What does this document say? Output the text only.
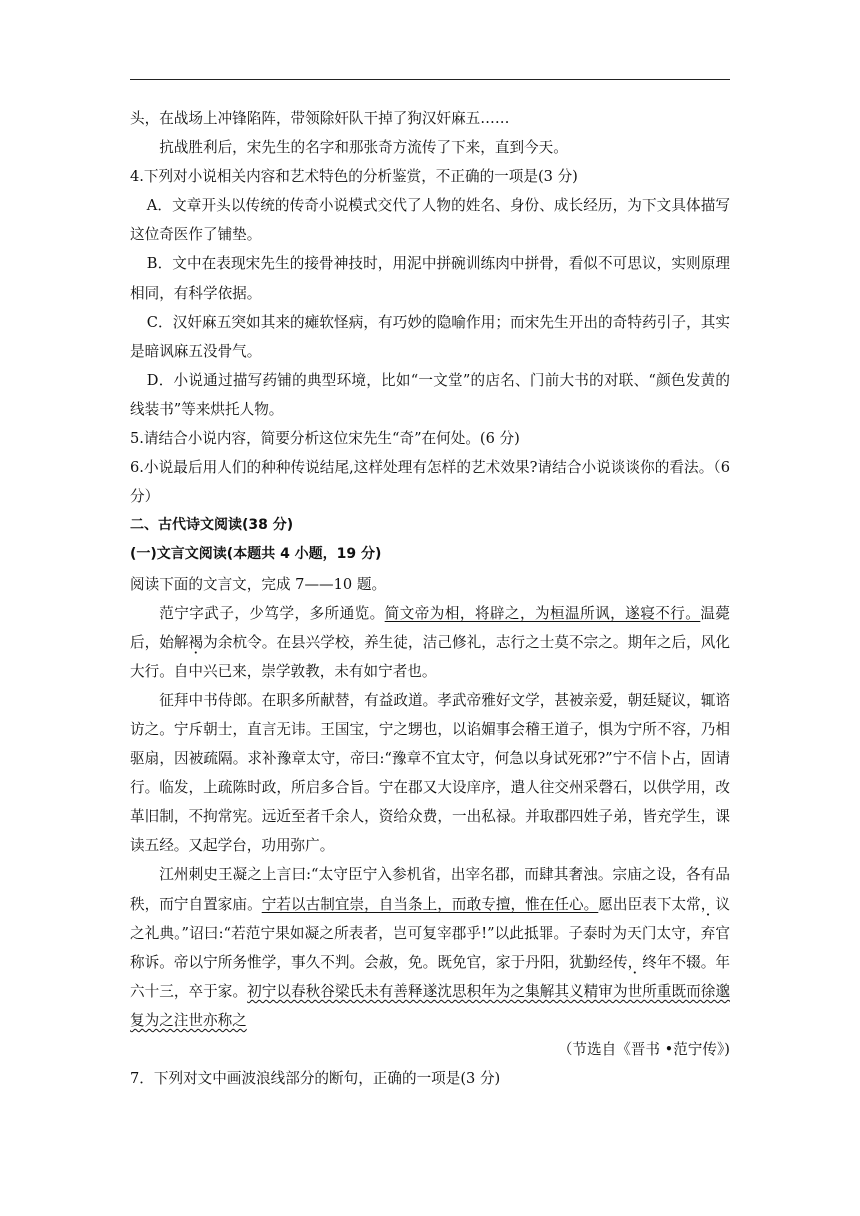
头，在战场上冲锋陷阵，带领除奸队干掉了狗汉奸麻五……

抗战胜利后，宋先生的名字和那张奇方流传了下来，直到今天。

4.下列对小说相关内容和艺术特色的分析鉴赏，不正确的一项是(3 分)

A．文章开头以传统的传奇小说模式交代了人物的姓名、身份、成长经历，为下文具体描写这位奇医作了铺垫。

B．文中在表现宋先生的接骨神技时，用泥中拼碗训练肉中拼骨，看似不可思议，实则原理相同，有科学依据。

C．汉奸麻五突如其来的瘫软怪病，有巧妙的隐喻作用；而宋先生开出的奇特药引子，其实是暗讽麻五没骨气。

D．小说通过描写药铺的典型环境，比如“一文堂”的店名、门前大书的对联、“颜色发黄的线装书”等来烘托人物。

5.请结合小说内容，简要分析这位宋先生“奇”在何处。(6 分)

6.小说最后用人们的种种传说结尾,这样处理有怎样的艺术效果?请结合小说谈谈你的看法。（6 分）

二、古代诗文阅读(38 分)

(一)文言文阅读(本题共 4 小题，19 分)

阅读下面的文言文，完成 7——10 题。

范宁字武子，少笃学，多所通览。简文帝为相，将辟之，为桓温所讽，遂寝不行。温薨后，始解褐为余杭令。在县兴学校，养生徒，洁己修礼，志行之士莫不宗之。期年之后，风化大行。自中兴已来，崇学敦教，未有如宁者也。

征拜中书侍郎。在职多所献替，有益政道。孝武帝雅好文学，甚被亲爱，朝廷疑议，辄谘访之。宁斥朝士，直言无讳。王国宝，宁之甥也，以谄媚事会稽王道子，惧为宁所不容，乃相驱扇，因被疏隔。求补豫章太守，帝曰:“豫章不宜太守，何急以身试死邪?”宁不信卜占，固请行。临发，上疏陈时政，所启多合旨。宁在郡又大设庠序，遣人往交州采磬石，以供学用，改革旧制，不拘常宪。远近至者千余人，资给众费，一出私禄。并取郡四姓子弟，皆充学生，课读五经。又起学台，功用弥广。

江州刺史王凝之上言曰:“太守臣宁入参机省，出宰名郡，而肆其奢浊。宗庙之设，各有品秩，而宁自置家庙。宁若以古制宜崇，自当条上，而敢专擅，惟在任心。愿出臣表下太常，议之礼典。”诏曰:“若范宁果如凝之所表者，岂可复宰郡乎!”以此抵罪。子泰时为天门太守，弃官称诉。帝以宁所务惟学，事久不判。会赦，免。既免官，家于丹阳，犹勤经传，终年不辍。年六十三，卒于家。初宁以春秋谷梁氏未有善释遂沈思积年为之集解其义精审为世所重既而徐邈复为之注世亦称之

（节选自《晋书 •范宁传》)

7．下列对文中画波浪线部分的断句，正确的一项是(3 分)
